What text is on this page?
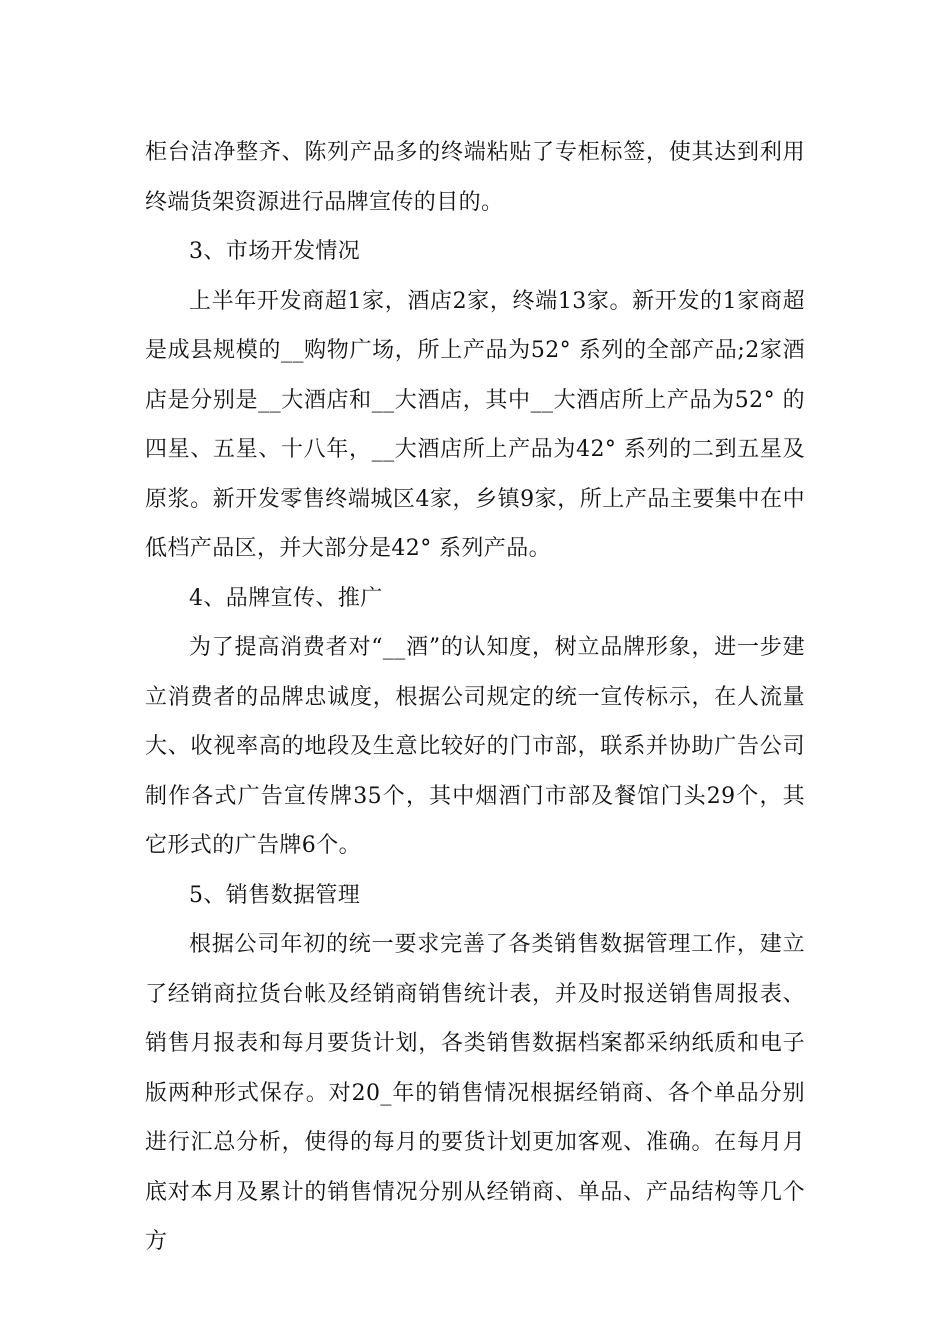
柜台洁净整齐、陈列产品多的终端粘贴了专柜标签，使其达到利用终端货架资源进行品牌宣传的目的。

3、市场开发情况

上半年开发商超1家，酒店2家，终端13家。新开发的1家商超是成县规模的__购物广场，所上产品为52° 系列的全部产品;2家酒店是分别是__大酒店和__大酒店，其中__大酒店所上产品为52° 的四星、五星、十八年，__大酒店所上产品为42° 系列的二到五星及原浆。新开发零售终端城区4家，乡镇9家，所上产品主要集中在中低档产品区，并大部分是42° 系列产品。

4、品牌宣传、推广

为了提高消费者对“__酒”的认知度，树立品牌形象，进一步建立消费者的品牌忠诚度，根据公司规定的统一宣传标示，在人流量大、收视率高的地段及生意比较好的门市部，联系并协助广告公司制作各式广告宣传牌35个，其中烟酒门市部及餐馆门头29个，其它形式的广告牌6个。

5、销售数据管理

根据公司年初的统一要求完善了各类销售数据管理工作，建立了经销商拉货台帐及经销商销售统计表，并及时报送销售周报表、销售月报表和每月要货计划，各类销售数据档案都采纳纸质和电子版两种形式保存。对20_年的销售情况根据经销商、各个单品分别进行汇总分析，使得的每月的要货计划更加客观、准确。在每月月底对本月及累计的销售情况分别从经销商、单品、产品结构等几个方
